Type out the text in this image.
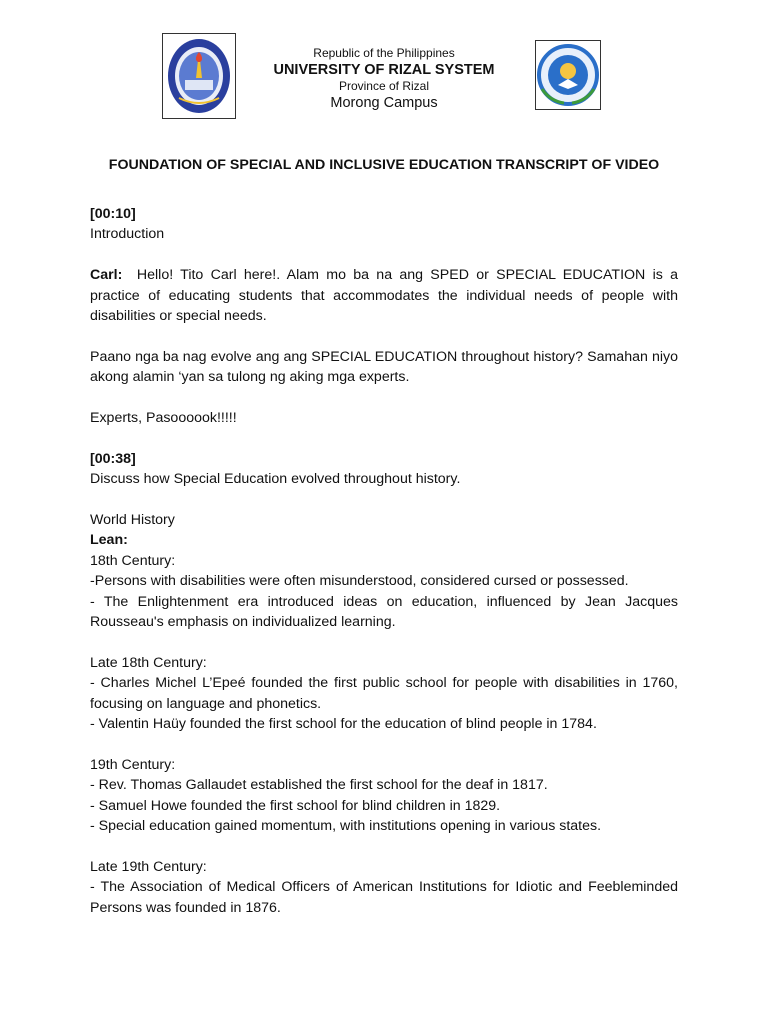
Republic of the Philippines
UNIVERSITY OF RIZAL SYSTEM
Province of Rizal
Morong Campus
FOUNDATION OF SPECIAL AND INCLUSIVE EDUCATION TRANSCRIPT OF VIDEO

[00:10]

Introduction

Carl: Hello! Tito Carl here!. Alam mo ba na ang SPED or SPECIAL EDUCATION is a practice of educating students that accommodates the individual needs of people with disabilities or special needs.

Paano nga ba nag evolve ang ang SPECIAL EDUCATION throughout history? Samahan niyo akong alamin ‘yan sa tulong ng aking mga experts.

Experts, Pasoooook!!!!!

[00:38]

Discuss how Special Education evolved throughout history.

World History

Lean:

18th Century:

-Persons with disabilities were often misunderstood, considered cursed or possessed.

- The Enlightenment era introduced ideas on education, influenced by Jean Jacques Rousseau's emphasis on individualized learning.

Late 18th Century:

- Charles Michel L’Epeé founded the first public school for people with disabilities in 1760, focusing on language and phonetics.

- Valentin Haüy founded the first school for the education of blind people in 1784.

19th Century:

- Rev. Thomas Gallaudet established the first school for the deaf in 1817.

- Samuel Howe founded the first school for blind children in 1829.

- Special education gained momentum, with institutions opening in various states.

Late 19th Century:

- The Association of Medical Officers of American Institutions for Idiotic and Feebleminded Persons was founded in 1876.
